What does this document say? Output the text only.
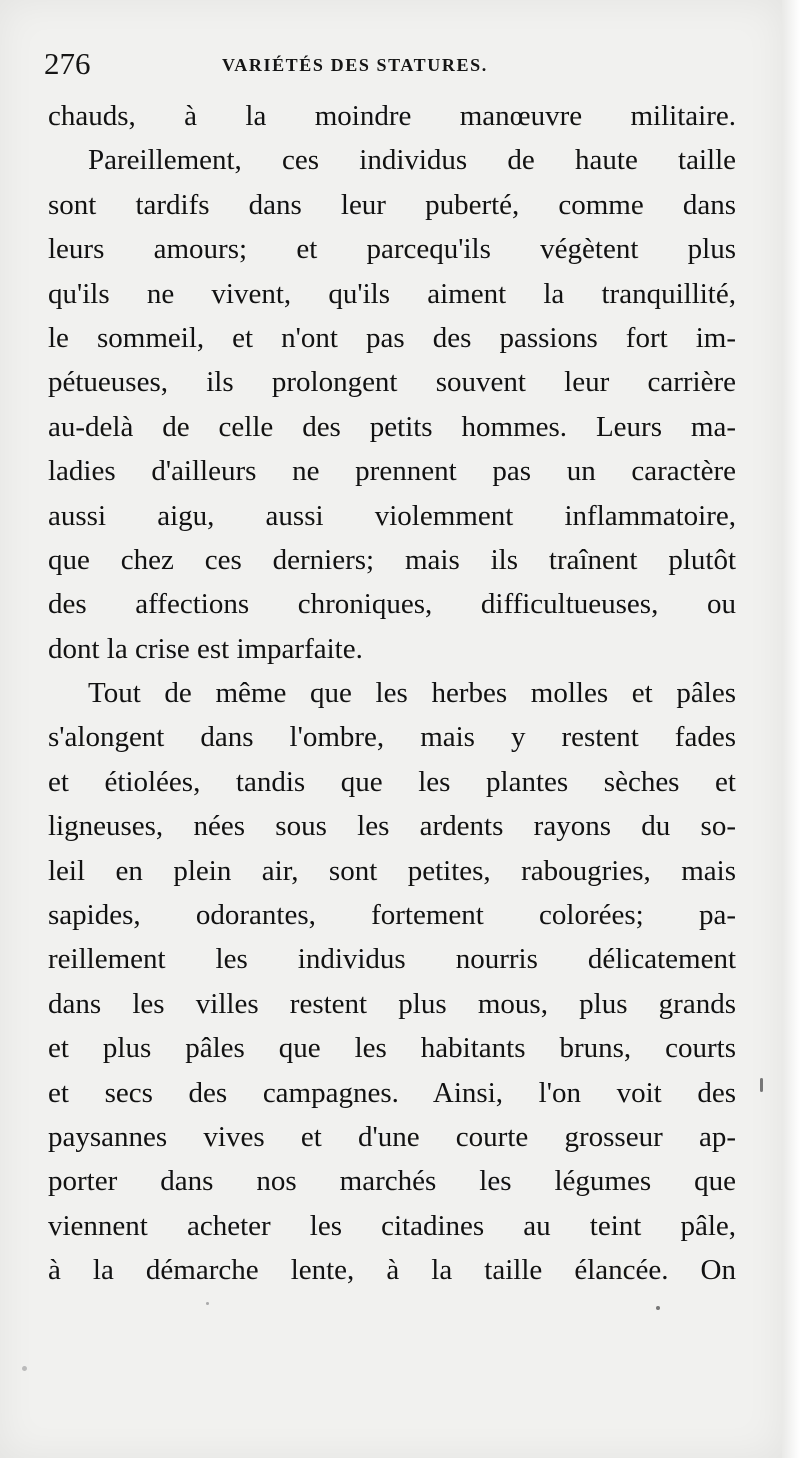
276	VARIÉTÉS DES STATURES.
chauds, à la moindre manœuvre militaire.
Pareillement, ces individus de haute taille
sont tardifs dans leur puberté, comme dans
leurs amours; et parcequ'ils végètent plus
qu'ils ne vivent, qu'ils aiment la tranquillité,
le sommeil, et n'ont pas des passions fort im-
pétueuses, ils prolongent souvent leur carrière
au-delà de celle des petits hommes. Leurs ma-
ladies d'ailleurs ne prennent pas un caractère
aussi aigu, aussi violemment inflammatoire,
que chez ces derniers; mais ils traînent plutôt
des affections chroniques, difficultueuses, ou
dont la crise est imparfaite.
Tout de même que les herbes molles et pâles
s'alongent dans l'ombre, mais y restent fades
et étiolées, tandis que les plantes sèches et
ligneuses, nées sous les ardents rayons du so-
leil en plein air, sont petites, rabougries, mais
sapides, odorantes, fortement colorées; pa-
reillement les individus nourris délicatement
dans les villes restent plus mous, plus grands
et plus pâles que les habitants bruns, courts
et secs des campagnes. Ainsi, l'on voit des
paysannes vives et d'une courte grosseur ap-
porter dans nos marchés les légumes que
viennent acheter les citadines au teint pâle,
à la démarche lente, à la taille élancée. On
